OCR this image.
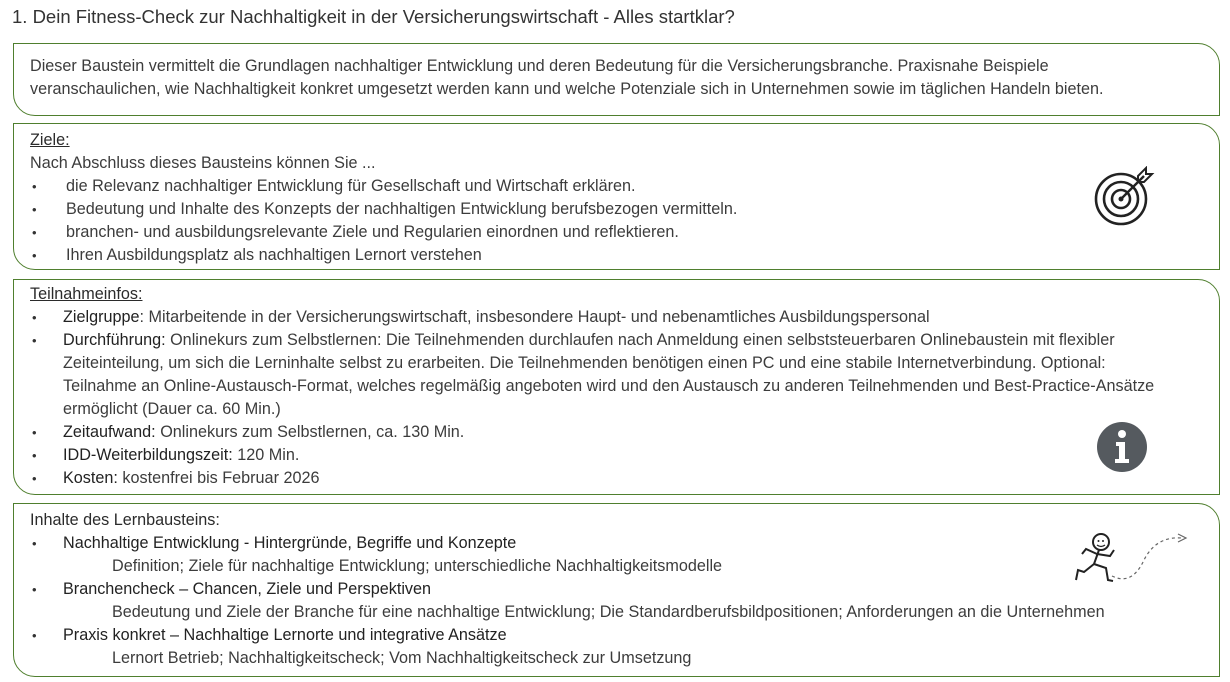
1. Dein Fitness-Check zur Nachhaltigkeit in der Versicherungswirtschaft - Alles startklar?
Dieser Baustein vermittelt die Grundlagen nachhaltiger Entwicklung und deren Bedeutung für die Versicherungsbranche. Praxisnahe Beispiele
veranschaulichen, wie Nachhaltigkeit konkret umgesetzt werden kann und welche Potenziale sich in Unternehmen sowie im täglichen Handeln bieten.
Ziele:
Nach Abschluss dieses Bausteins können Sie ...
• die Relevanz nachhaltiger Entwicklung für Gesellschaft und Wirtschaft erklären.
• Bedeutung und Inhalte des Konzepts der nachhaltigen Entwicklung berufsbezogen vermitteln.
• branchen- und ausbildungsrelevante Ziele und Regularien einordnen und reflektieren.
• Ihren Ausbildungsplatz als nachhaltigen Lernort verstehen
Teilnahmeinfos:
• Zielgruppe: Mitarbeitende in der Versicherungswirtschaft, insbesondere Haupt- und nebenamtliches Ausbildungspersonal
• Durchführung: Onlinekurs zum Selbstlernen: Die Teilnehmenden durchlaufen nach Anmeldung einen selbststeuerbaren Onlinebaustein mit flexibler
Zeiteinteilung, um sich die Lerninhalte selbst zu erarbeiten. Die Teilnehmenden benötigen einen PC und eine stabile Internetverbindung. Optional:
Teilnahme an Online-Austausch-Format, welches regelmäßig angeboten wird und den Austausch zu anderen Teilnehmenden und Best-Practice-Ansätze
ermöglicht (Dauer ca. 60 Min.)
• Zeitaufwand: Onlinekurs zum Selbstlernen, ca. 130 Min.
• IDD-Weiterbildungszeit: 120 Min.
• Kosten: kostenfrei bis Februar 2026
Inhalte des Lernbausteins:
• Nachhaltige Entwicklung - Hintergründe, Begriffe und Konzepte
Definition; Ziele für nachhaltige Entwicklung; unterschiedliche Nachhaltigkeitsmodelle
• Branchencheck – Chancen, Ziele und Perspektiven
Bedeutung und Ziele der Branche für eine nachhaltige Entwicklung; Die Standardberufsbildpositionen; Anforderungen an die Unternehmen
• Praxis konkret – Nachhaltige Lernorte und integrative Ansätze
Lernort Betrieb; Nachhaltigkeitscheck; Vom Nachhaltigkeitscheck zur Umsetzung
